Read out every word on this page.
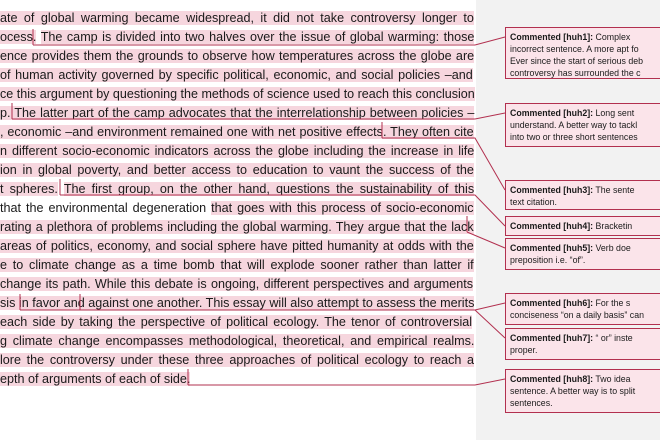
ate of global warming became widespread, it did not take controversy longer to
ocess. The camp is divided into two halves over the issue of global warming: those
ence provides them the grounds to observe how temperatures across the globe are
of human activity governed by specific political, economic, and social policies –and
ce this argument by questioning the methods of science used to reach this conclusion
p. The latter part of the camp advocates that the interrelationship between policies –
, economic –and environment remained one with net positive effects. They often cite
n different socio-economic indicators across the globe including the increase in life
ion in global poverty, and better access to education to vaunt the success of the
t spheres. The first group, on the other hand, questions the sustainability of this
that the environmental degeneration that goes with this process of socio-economic
rating a plethora of problems including the global warming. They argue that the lack
areas of politics, economy, and social sphere have pitted humanity at odds with the
e to climate change as a time bomb that will explode sooner rather than latter if
change its path. While this debate is ongoing, different perspectives and arguments
sis in favor and against one another. This essay will also attempt to assess the merits
each side by taking the perspective of political ecology. The tenor of controversial
g climate change encompasses methodological, theoretical, and empirical realms.
lore the controversy under these three approaches of political ecology to reach a
epth of arguments of each of side.
Commented [huh1]: Complex
incorrect sentence. A more apt fo
Ever since the start of serious deb
controversy has surrounded the c
Commented [huh2]: Long sent
understand. A better way to tackl
into two or three short sentences
Commented [huh3]: The sente
text citation.
Commented [huh4]: Bracketin
Commented [huh5]: Verb doe
preposition i.e. “of”.
Commented [huh6]: For the s
conciseness “on a daily basis” can
Commented [huh7]: “ or” inste
proper.
Commented [huh8]: Two idea
sentence. A better way is to split
sentences.
